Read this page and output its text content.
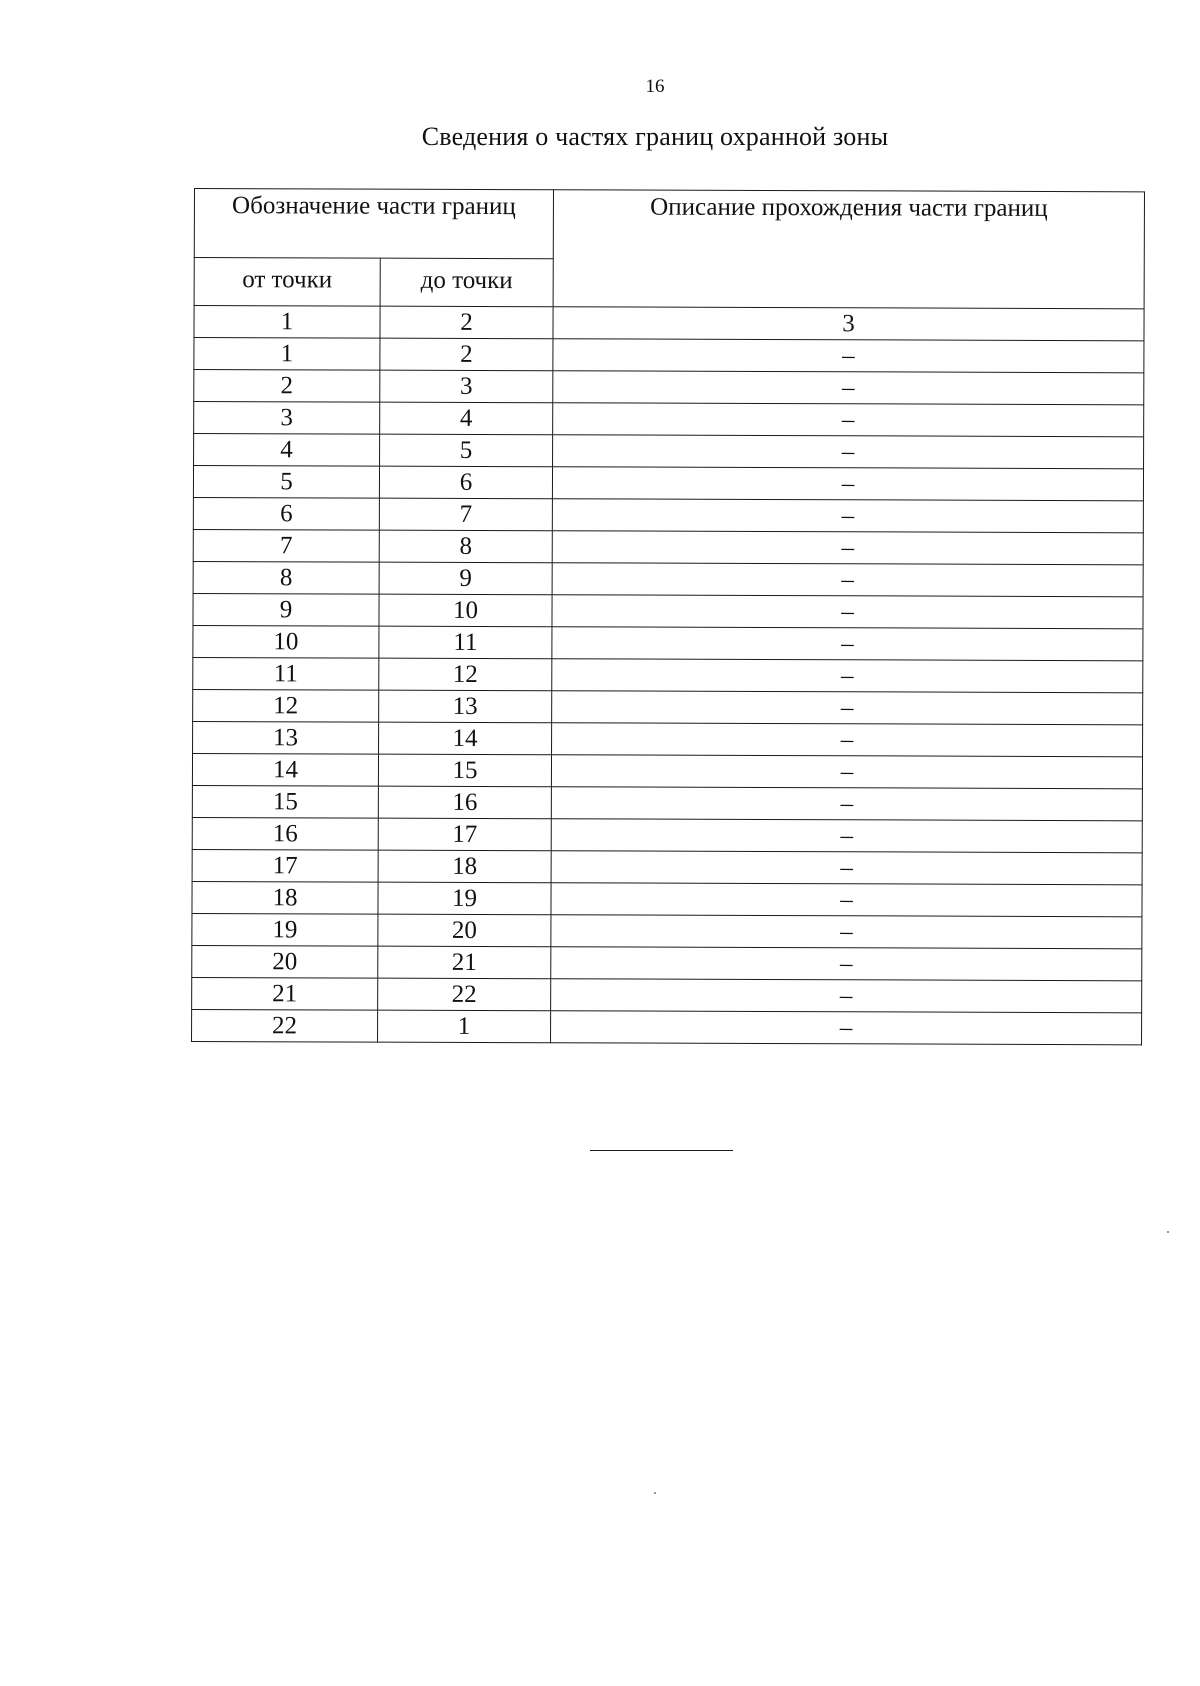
16
Сведения о частях границ охранной зоны
Обозначение части границ		Описание прохождения части границ
от точки	до точки	
1	2	3
1	2	–
2	3	–
3	4	–
4	5	–
5	6	–
6	7	–
7	8	–
8	9	–
9	10	–
10	11	–
11	12	–
12	13	–
13	14	–
14	15	–
15	16	–
16	17	–
17	18	–
18	19	–
19	20	–
20	21	–
21	22	–
22	1	–
